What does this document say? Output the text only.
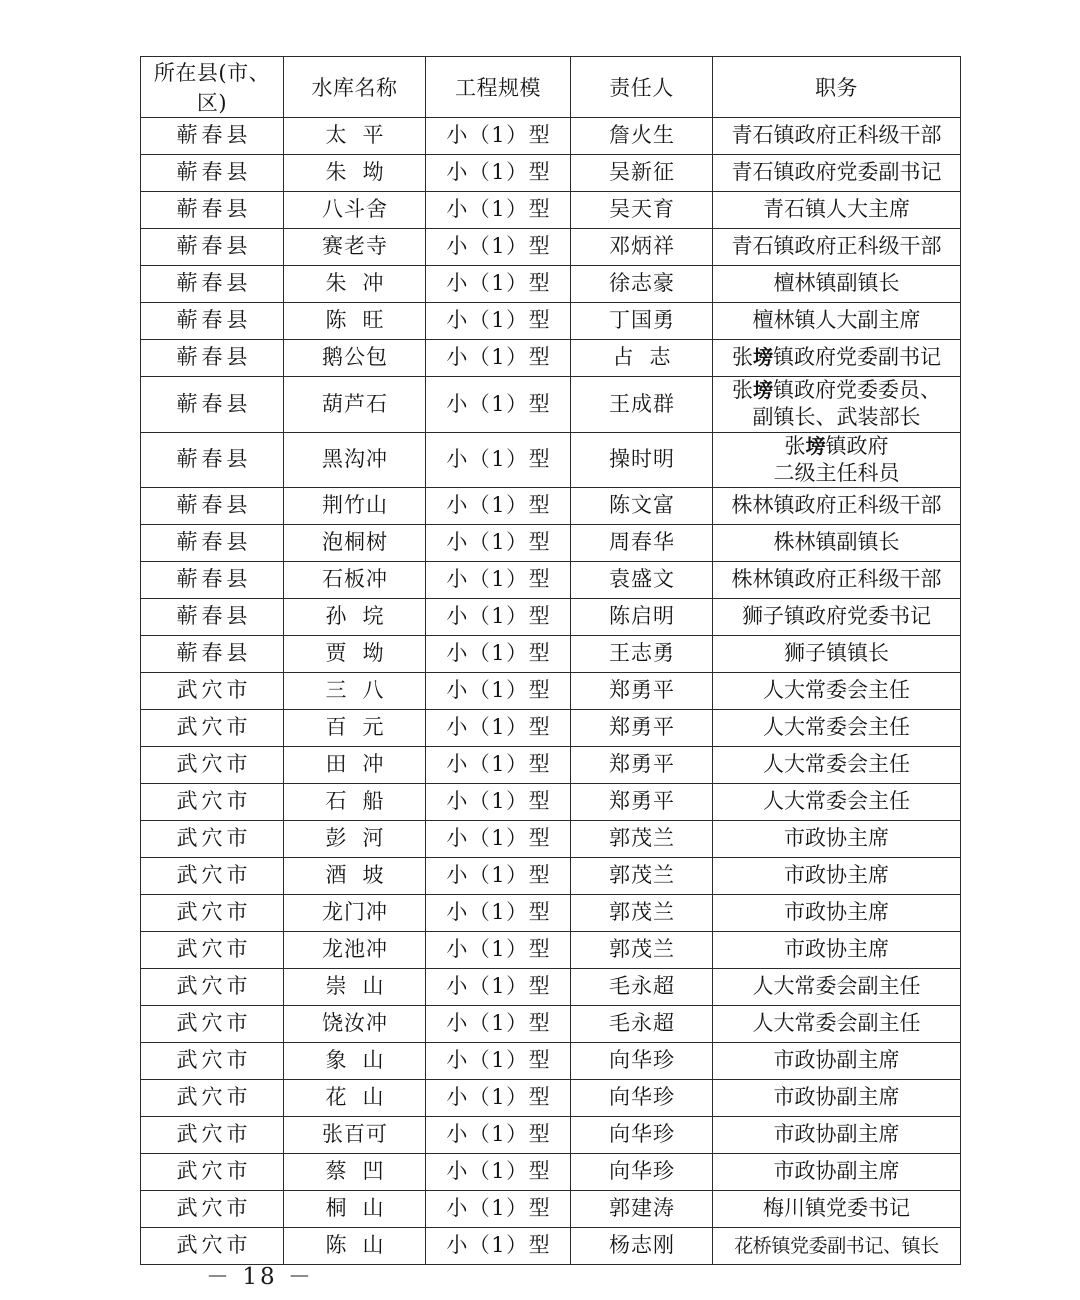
所在县(市、区)	水库名称	工程规模	责任人	职务
蕲春县	太平	小（1）型	詹火生	青石镇政府正科级干部

蕲春县	朱坳	小（1）型	吴新征	青石镇政府党委副书记

蕲春县	八斗舍	小（1）型	吴天育	青石镇人大主席

蕲春县	赛老寺	小（1）型	邓炳祥	青石镇政府正科级干部

蕲春县	朱冲	小（1）型	徐志豪	檀林镇副镇长

蕲春县	陈旺	小（1）型	丁国勇	檀林镇人大副主席

蕲春县	鹅公包	小（1）型	占志	张塝镇政府党委副书记

蕲春县	葫芦石	小（1）型	王成群	张塝镇政府党委委员、
副镇长、武装部长

蕲春县	黑沟冲	小（1）型	操时明	张塝镇政府
二级主任科员

蕲春县	荆竹山	小（1）型	陈文富	株林镇政府正科级干部

蕲春县	泡桐树	小（1）型	周春华	株林镇副镇长

蕲春县	石板冲	小（1）型	袁盛文	株林镇政府正科级干部

蕲春县	孙垸	小（1）型	陈启明	狮子镇政府党委书记

蕲春县	贾坳	小（1）型	王志勇	狮子镇镇长

武穴市	三八	小（1）型	郑勇平	人大常委会主任

武穴市	百元	小（1）型	郑勇平	人大常委会主任

武穴市	田冲	小（1）型	郑勇平	人大常委会主任

武穴市	石船	小（1）型	郑勇平	人大常委会主任

武穴市	彭河	小（1）型	郭茂兰	市政协主席

武穴市	酒坡	小（1）型	郭茂兰	市政协主席

武穴市	龙门冲	小（1）型	郭茂兰	市政协主席

武穴市	龙池冲	小（1）型	郭茂兰	市政协主席

武穴市	崇山	小（1）型	毛永超	人大常委会副主任

武穴市	饶汝冲	小（1）型	毛永超	人大常委会副主任

武穴市	象山	小（1）型	向华珍	市政协副主席

武穴市	花山	小（1）型	向华珍	市政协副主席

武穴市	张百可	小（1）型	向华珍	市政协副主席

武穴市	蔡凹	小（1）型	向华珍	市政协副主席

武穴市	桐山	小（1）型	郭建涛	梅川镇党委书记

武穴市	陈山	小（1）型	杨志刚	花桥镇党委副书记、镇长
－ 18 －
